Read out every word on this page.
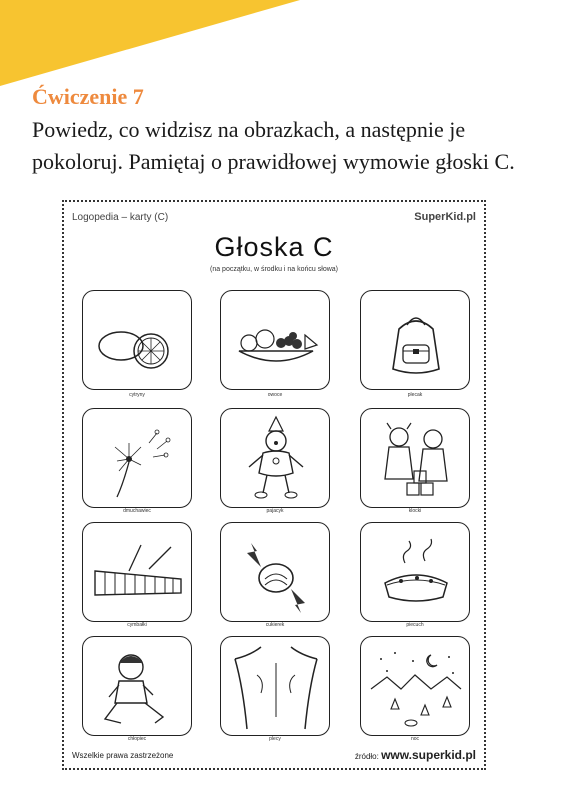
Ćwiczenie 7

Powiedz, co widzisz na obrazkach, a następnie je pokoloruj. Pamiętaj o prawidłowej wymowie głoski C.

Logopedia – karty (C)	SuperKid.pl
Głoska C
(na początku, w środku i na końcu słowa)
cytryny	owoce	plecak
dmuchawiec	pajacyk	klocki
cymbałki	cukierek	piecuch
chłopiec	plecy	noc
Wszelkie prawa zastrzeżone	źródło: www.superkid.pl
